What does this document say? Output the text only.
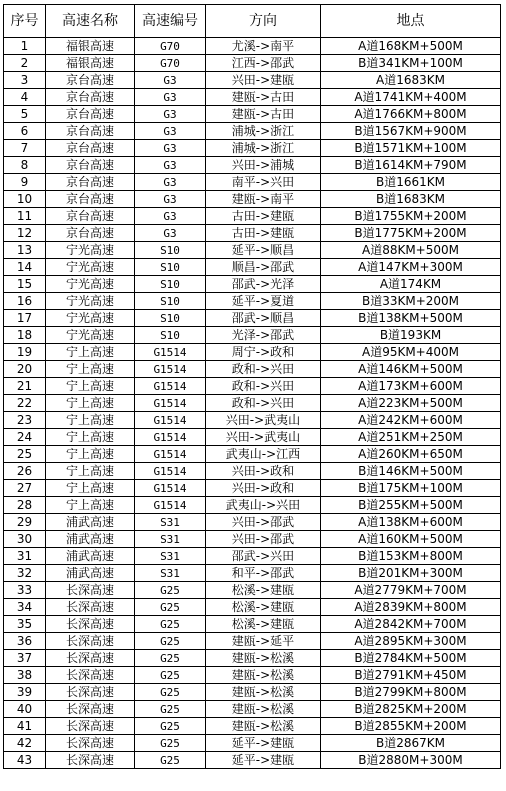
序号	高速名称	高速编号	方向	地点
1	福银高速	G70	尤溪->南平	A道168KM+500M
2	福银高速	G70	江西->邵武	B道341KM+100M
3	京台高速	G3	兴田->建瓯	A道1683KM
4	京台高速	G3	建瓯->古田	A道1741KM+400M
5	京台高速	G3	建瓯->古田	A道1766KM+800M
6	京台高速	G3	浦城->浙江	B道1567KM+900M
7	京台高速	G3	浦城->浙江	B道1571KM+100M
8	京台高速	G3	兴田->浦城	B道1614KM+790M
9	京台高速	G3	南平->兴田	B道1661KM
10	京台高速	G3	建瓯->南平	B道1683KM
11	京台高速	G3	古田->建瓯	B道1755KM+200M
12	京台高速	G3	古田->建瓯	B道1775KM+200M
13	宁光高速	S10	延平->顺昌	A道88KM+500M
14	宁光高速	S10	顺昌->邵武	A道147KM+300M
15	宁光高速	S10	邵武->光泽	A道174KM
16	宁光高速	S10	延平->夏道	B道33KM+200M
17	宁光高速	S10	邵武->顺昌	B道138KM+500M
18	宁光高速	S10	光泽->邵武	B道193KM
19	宁上高速	G1514	周宁->政和	A道95KM+400M
20	宁上高速	G1514	政和->兴田	A道146KM+500M
21	宁上高速	G1514	政和->兴田	A道173KM+600M
22	宁上高速	G1514	政和->兴田	A道223KM+500M
23	宁上高速	G1514	兴田->武夷山	A道242KM+600M
24	宁上高速	G1514	兴田->武夷山	A道251KM+250M
25	宁上高速	G1514	武夷山->江西	A道260KM+650M
26	宁上高速	G1514	兴田->政和	B道146KM+500M
27	宁上高速	G1514	兴田->政和	B道175KM+100M
28	宁上高速	G1514	武夷山->兴田	B道255KM+500M
29	浦武高速	S31	兴田->邵武	A道138KM+600M
30	浦武高速	S31	兴田->邵武	A道160KM+500M
31	浦武高速	S31	邵武->兴田	B道153KM+800M
32	浦武高速	S31	和平->邵武	B道201KM+300M
33	长深高速	G25	松溪->建瓯	A道2779KM+700M
34	长深高速	G25	松溪->建瓯	A道2839KM+800M
35	长深高速	G25	松溪->建瓯	A道2842KM+700M
36	长深高速	G25	建瓯->延平	A道2895KM+300M
37	长深高速	G25	建瓯->松溪	B道2784KM+500M
38	长深高速	G25	建瓯->松溪	B道2791KM+450M
39	长深高速	G25	建瓯->松溪	B道2799KM+800M
40	长深高速	G25	建瓯->松溪	B道2825KM+200M
41	长深高速	G25	建瓯->松溪	B道2855KM+200M
42	长深高速	G25	延平->建瓯	B道2867KM
43	长深高速	G25	延平->建瓯	B道2880M+300M
